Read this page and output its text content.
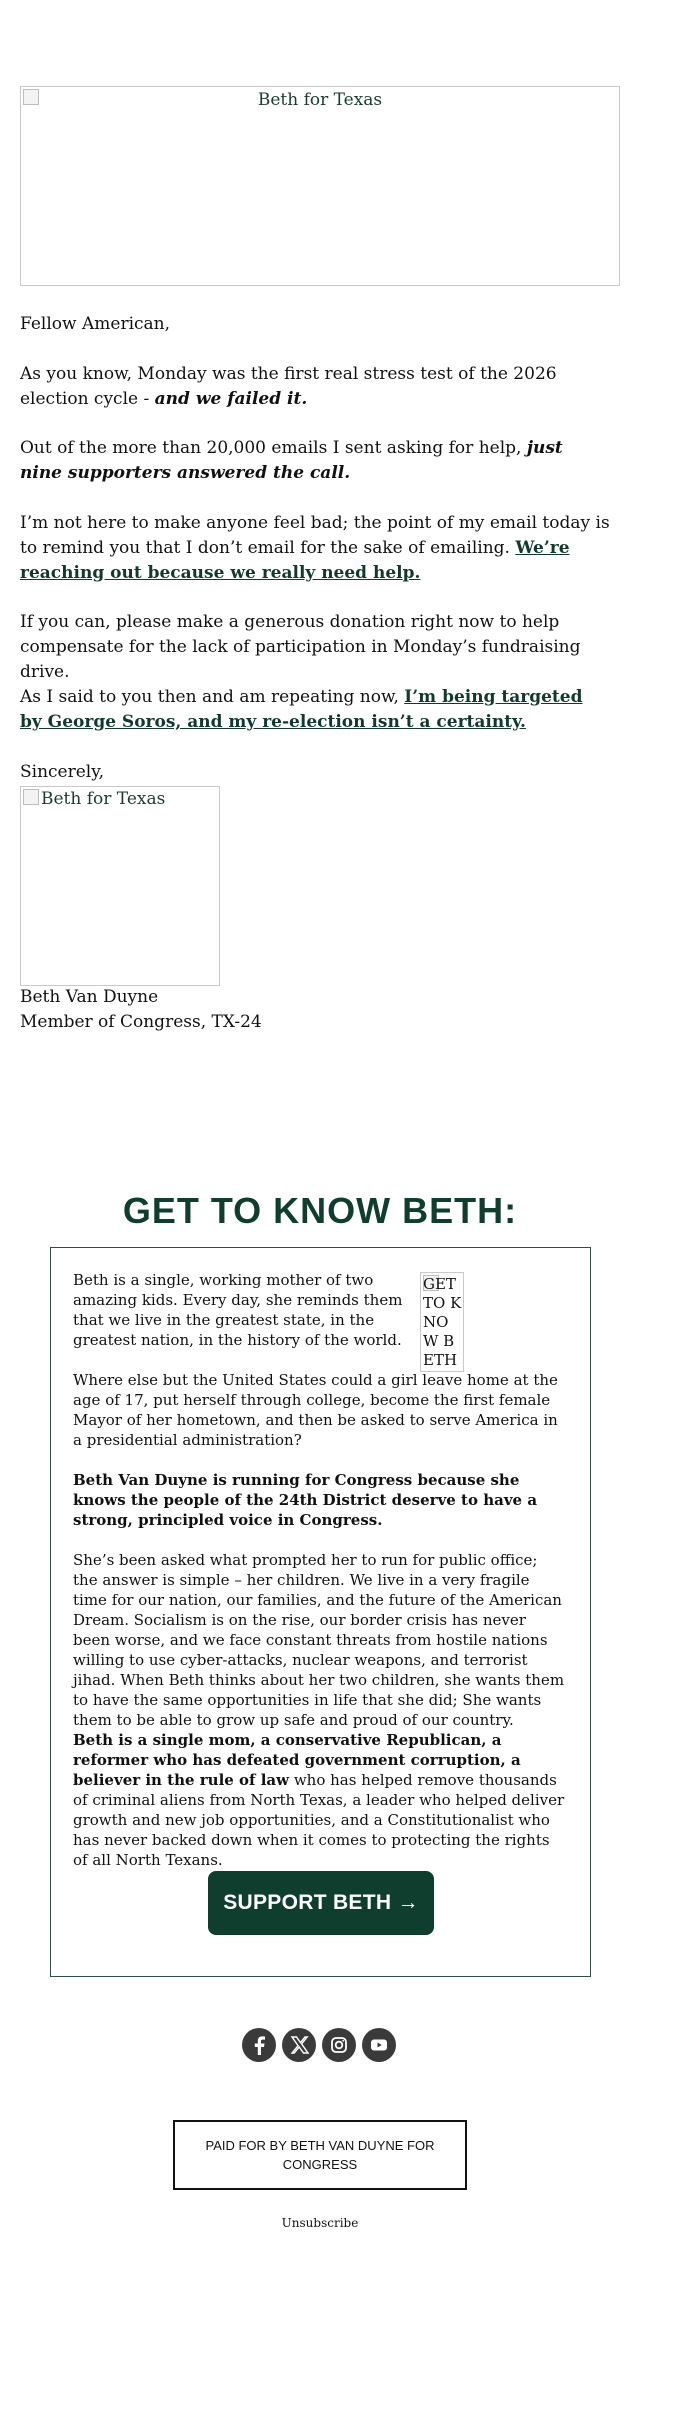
Beth for Texas

Fellow American,

As you know, Monday was the first real stress test of the 2026 election cycle - and we failed it.

Out of the more than 20,000 emails I sent asking for help, just nine supporters answered the call.

I’m not here to make anyone feel bad; the point of my email today is to remind you that I don’t email for the sake of emailing. We’re reaching out because we really need help.

If you can, please make a generous donation right now to help compensate for the lack of participation in Monday’s fundraising drive.

As I said to you then and am repeating now, I’m being targeted by George Soros, and my re-election isn’t a certainty.

Sincerely,

Beth for Texas

Beth Van Duyne

Member of Congress, TX-24

GET TO KNOW BETH:

Beth is a single, working mother of two amazing kids. Every day, she reminds them that we live in the greatest state, in the greatest nation, in the history of the world.

GET TO KNOW BETH

Where else but the United States could a girl leave home at the age of 17, put herself through college, become the first female Mayor of her hometown, and then be asked to serve America in a presidential administration?

Beth Van Duyne is running for Congress because she knows the people of the 24th District deserve to have a strong, principled voice in Congress.

She’s been asked what prompted her to run for public office; the answer is simple – her children. We live in a very fragile time for our nation, our families, and the future of the American Dream. Socialism is on the rise, our border crisis has never been worse, and we face constant threats from hostile nations willing to use cyber-attacks, nuclear weapons, and terrorist jihad. When Beth thinks about her two children, she wants them to have the same opportunities in life that she did; She wants them to be able to grow up safe and proud of our country.

Beth is a single mom, a conservative Republican, a reformer who has defeated government corruption, a believer in the rule of law who has helped remove thousands of criminal aliens from North Texas, a leader who helped deliver growth and new job opportunities, and a Constitutionalist who has never backed down when it comes to protecting the rights of all North Texans.

SUPPORT BETH →
PAID FOR BY BETH VAN DUYNE FOR CONGRESS
Unsubscribe
